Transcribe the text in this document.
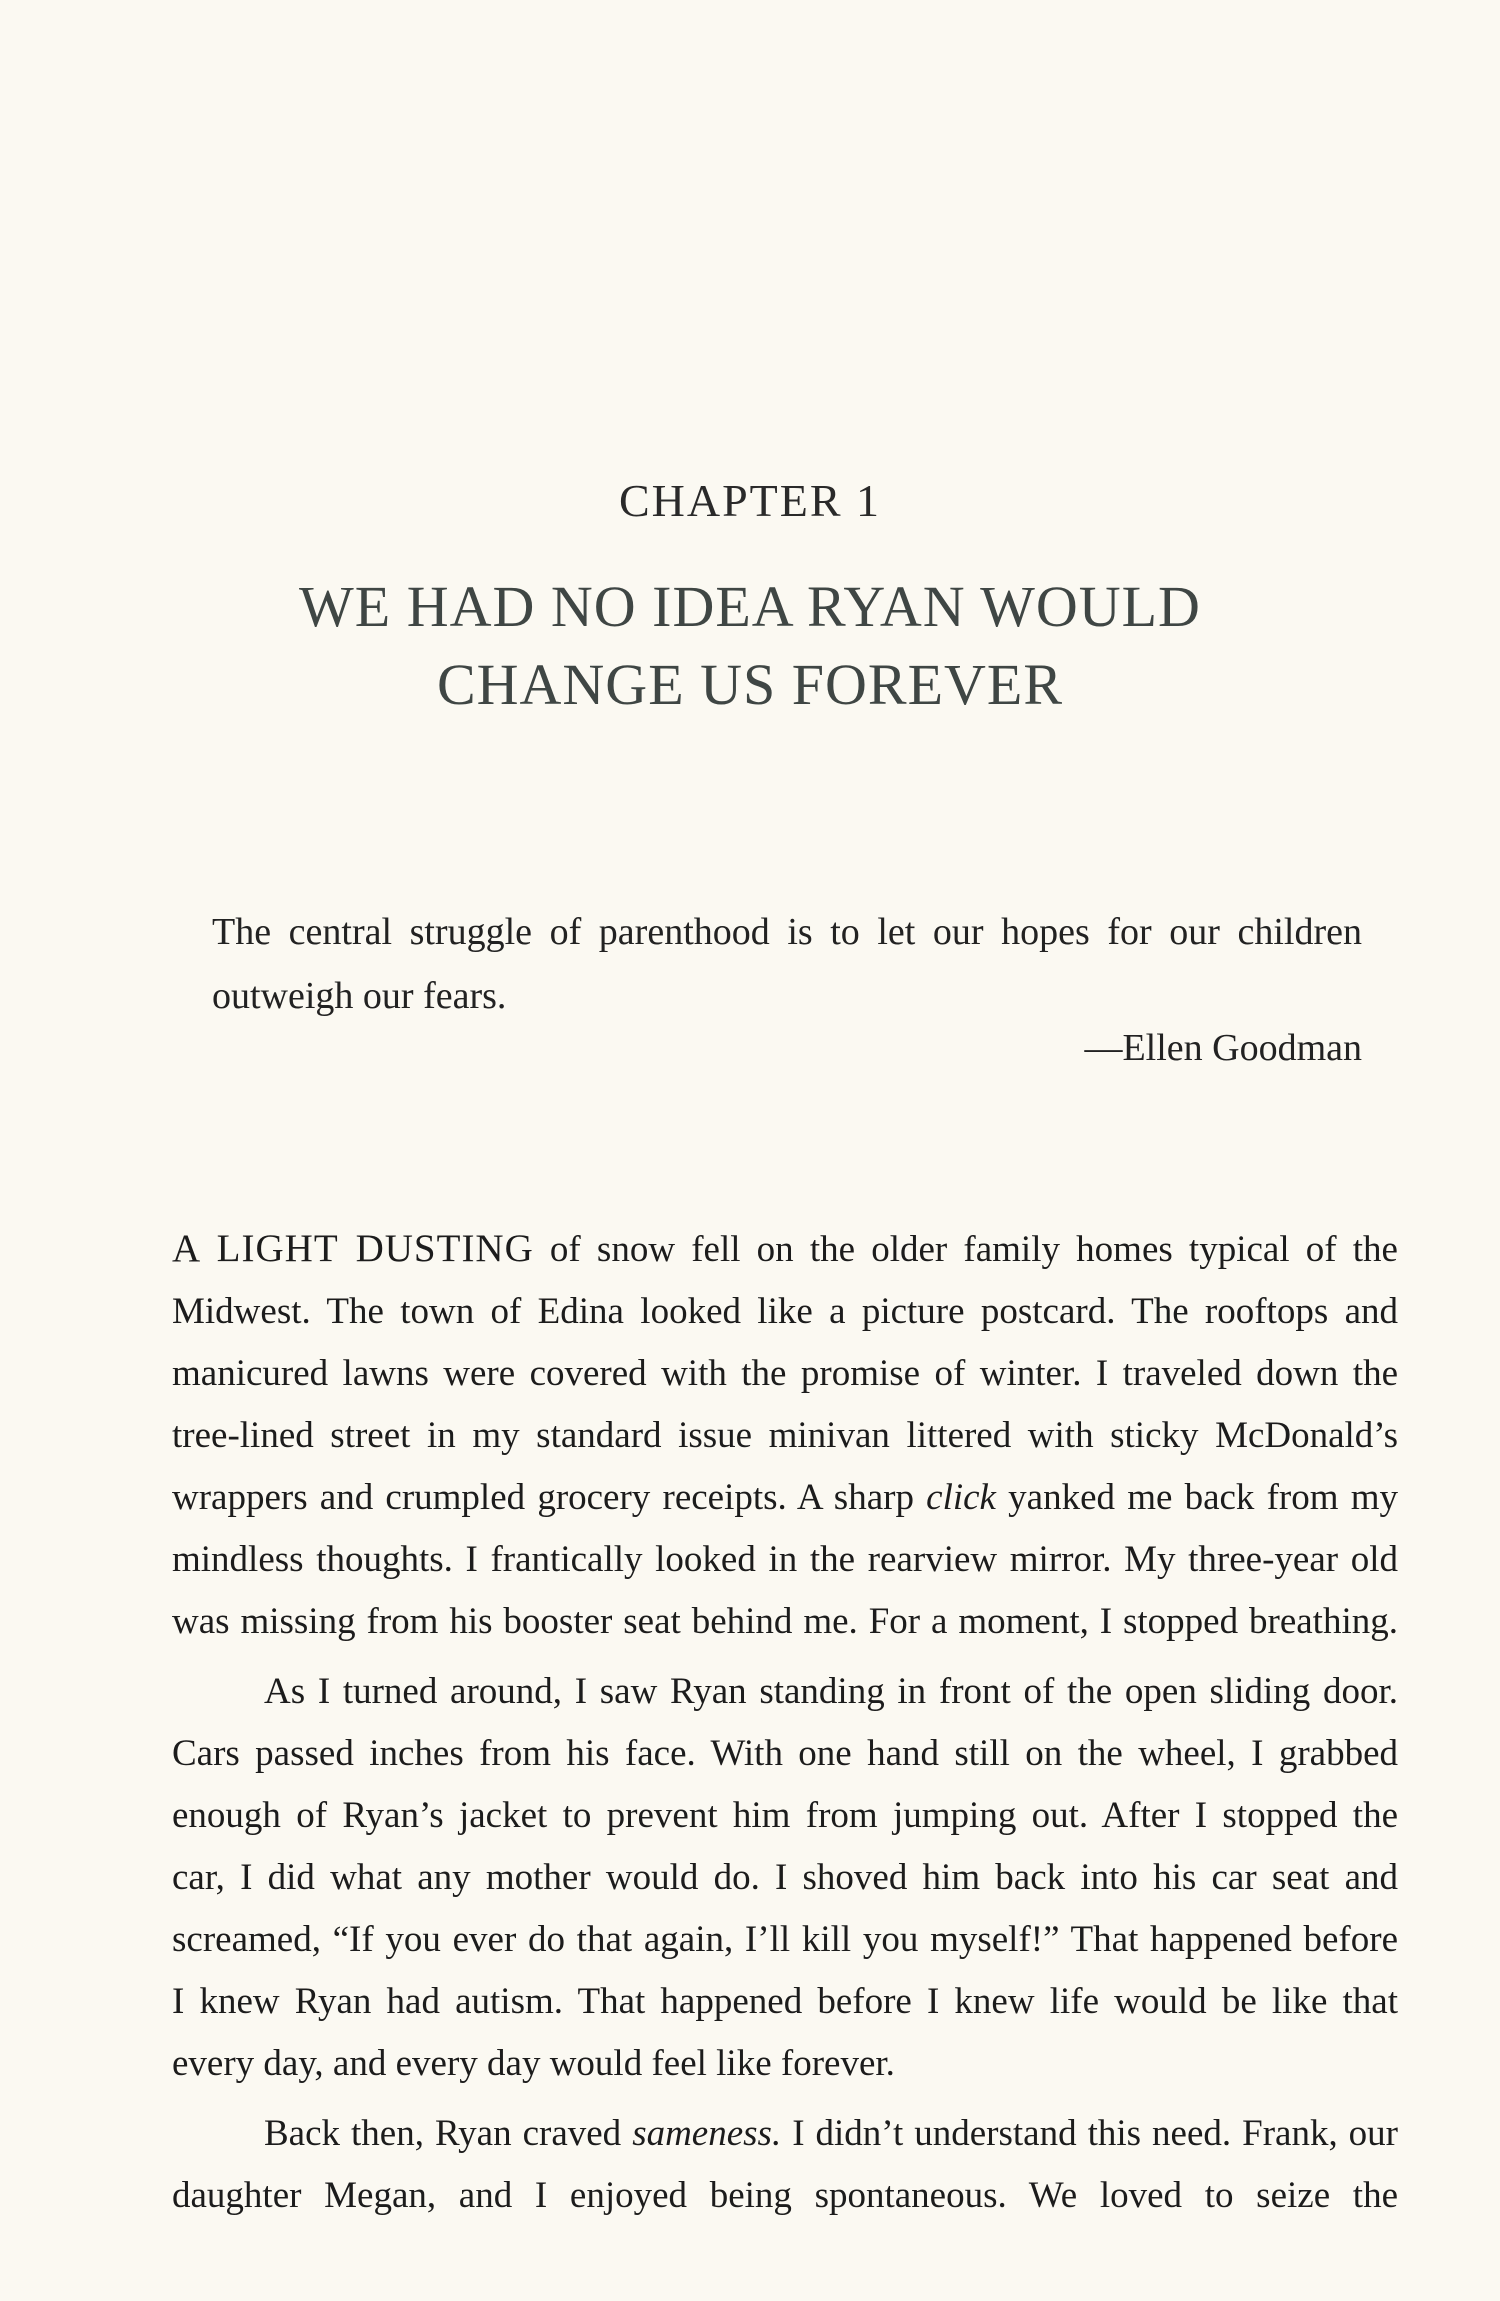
CHAPTER 1
WE HAD NO IDEA RYAN WOULD
CHANGE US FOREVER
The central struggle of parenthood is to let our hopes for our children
outweigh our fears.
—Ellen Goodman

A LIGHT DUSTING of snow fell on the older family homes typical of the
Midwest. The town of Edina looked like a picture postcard. The rooftops and
manicured lawns were covered with the promise of winter. I traveled down the
tree-lined street in my standard issue minivan littered with sticky McDonald’s
wrappers and crumpled grocery receipts. A sharp click yanked me back from my
mindless thoughts. I frantically looked in the rearview mirror. My three-year old
was missing from his booster seat behind me. For a moment, I stopped breathing.

As I turned around, I saw Ryan standing in front of the open sliding door.
Cars passed inches from his face. With one hand still on the wheel, I grabbed
enough of Ryan’s jacket to prevent him from jumping out. After I stopped the
car, I did what any mother would do. I shoved him back into his car seat and
screamed, “If you ever do that again, I’ll kill you myself!” That happened before
I knew Ryan had autism. That happened before I knew life would be like that
every day, and every day would feel like forever.

Back then, Ryan craved sameness. I didn’t understand this need. Frank, our
daughter Megan, and I enjoyed being spontaneous. We loved to seize the
